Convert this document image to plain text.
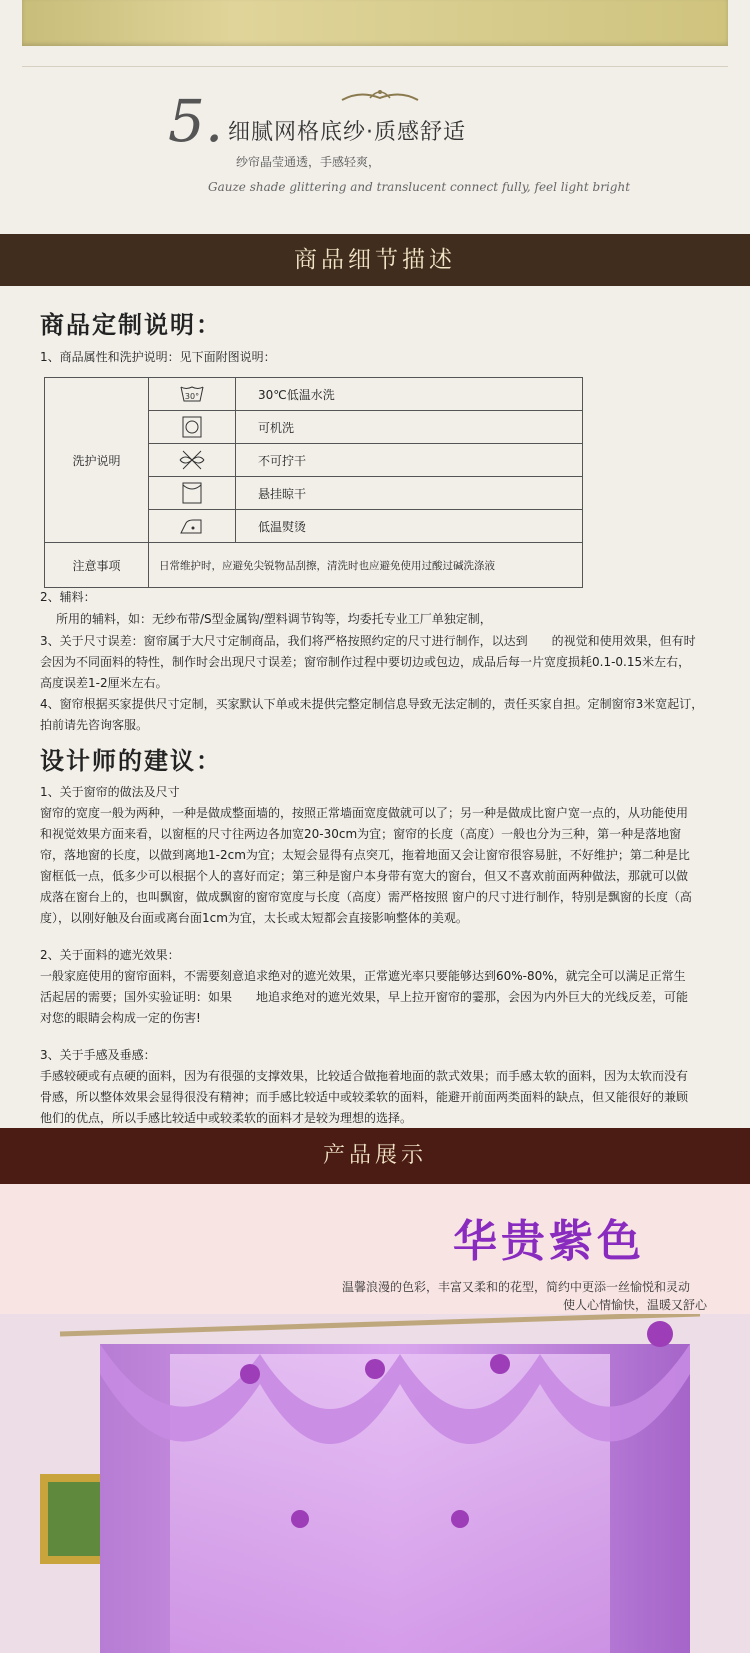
5. 细腻网格底纱·质感舒适
纱帘晶莹通透，手感轻爽，
Gauze shade glittering and translucent connect fully, feel light bright
商品细节描述
商品定制说明：
1、商品属性和洗护说明：见下面附图说明：
洗护说明	30°	30℃低温水洗
	可机洗
	不可拧干
	悬挂晾干
	低温熨烫
注意事项	日常维护时，应避免尖锐物品刮擦，清洗时也应避免使用过酸过碱洗涤液	
2、辅料：
所用的辅料，如：无纱布带/S型金属钩/塑料调节钩等，均委托专业工厂单独定制，
3、关于尺寸误差：窗帘属于大尺寸定制商品，我们将严格按照约定的尺寸进行制作，以达到　　的视觉和使用效果，但有时
会因为不同面料的特性，制作时会出现尺寸误差；窗帘制作过程中要切边或包边，成品后每一片宽度损耗0.1-0.15米左右，
高度误差1-2厘米左右。
4、窗帘根据买家提供尺寸定制，买家默认下单或未提供完整定制信息导致无法定制的，责任买家自担。定制窗帘3米宽起订，
拍前请先咨询客服。
设计师的建议：
1、关于窗帘的做法及尺寸
窗帘的宽度一般为两种，一种是做成整面墙的，按照正常墙面宽度做就可以了；另一种是做成比窗户宽一点的，从功能使用
和视觉效果方面来看，以窗框的尺寸往两边各加宽20-30cm为宜；窗帘的长度（高度）一般也分为三种，第一种是落地窗
帘，落地窗的长度，以做到离地1-2cm为宜；太短会显得有点突兀，拖着地面又会让窗帘很容易脏，不好维护；第二种是比
窗框低一点，低多少可以根据个人的喜好而定；第三种是窗户本身带有宽大的窗台，但又不喜欢前面两种做法，那就可以做
成落在窗台上的，也叫飘窗，做成飘窗的窗帘宽度与长度（高度）需严格按照 窗户的尺寸进行制作，特别是飘窗的长度（高
度），以刚好触及台面或离台面1cm为宜，太长或太短都会直接影响整体的美观。
2、关于面料的遮光效果：
一般家庭使用的窗帘面料，不需要刻意追求绝对的遮光效果，正常遮光率只要能够达到60%-80%，就完全可以满足正常生
活起居的需要；国外实验证明：如果　　地追求绝对的遮光效果，早上拉开窗帘的霎那，会因为内外巨大的光线反差，可能
对您的眼睛会构成一定的伤害!
3、关于手感及垂感：
手感较硬或有点硬的面料，因为有很强的支撑效果，比较适合做拖着地面的款式效果；而手感太软的面料，因为太软而没有
骨感，所以整体效果会显得很没有精神；而手感比较适中或较柔软的面料，能避开前面两类面料的缺点，但又能很好的兼顾
他们的优点，所以手感比较适中或较柔软的面料才是较为理想的选择。
产品展示
华贵紫色
温馨浪漫的色彩，丰富又柔和的花型，简约中更添一丝愉悦和灵动
使人心情愉快，温暖又舒心
